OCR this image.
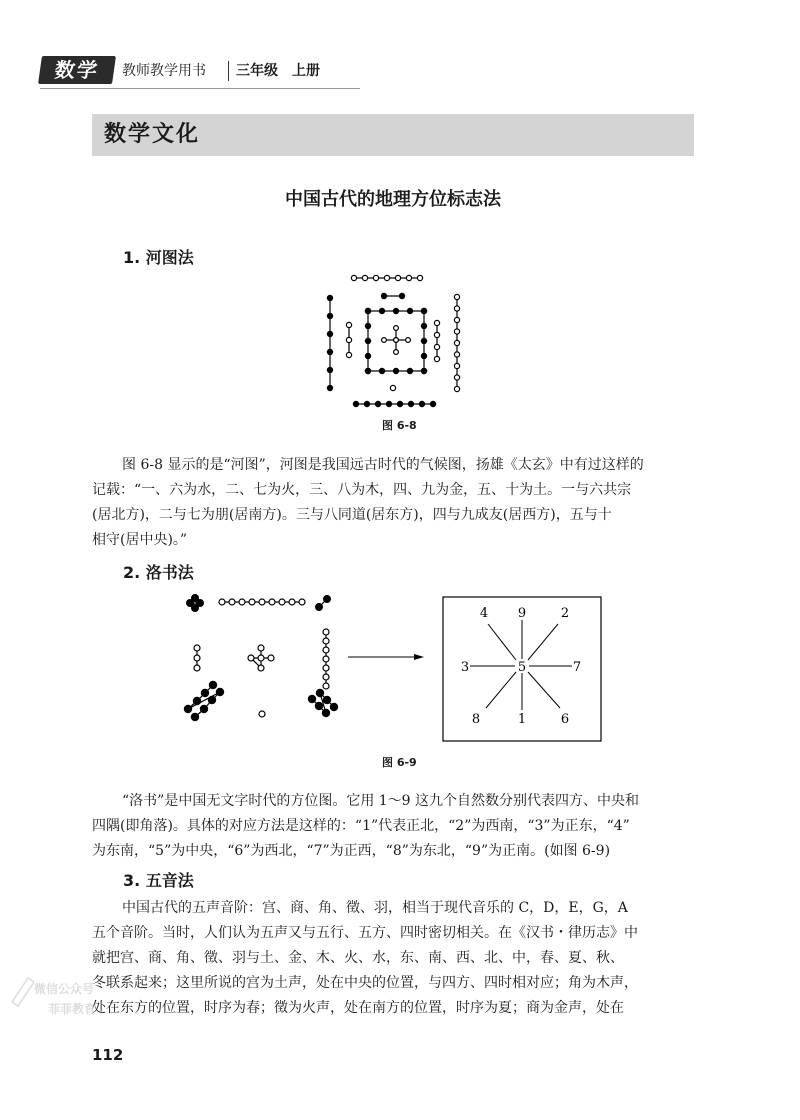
数学	教师教学用书 三年级　上册
数学文化
中国古代的地理方位标志法
1. 河图法
图 6-8

图 6-8 显示的是“河图”，河图是我国远古时代的气候图，扬雄《太玄》中有过这样的

记载：“一、六为水，二、七为火，三、八为木，四、九为金，五、十为土。一与六共宗

(居北方)，二与七为朋(居南方)。三与八同道(居东方)，四与九成友(居西方)，五与十

相守(居中央)。”

2. 洛书法
4 9	2
3	5	7
8	1	6
图 6-9

“洛书”是中国无文字时代的方位图。它用 1～9 这九个自然数分别代表四方、中央和

四隅(即角落)。具体的对应方法是这样的：“1”代表正北，“2”为西南，“3”为正东，“4”

为东南，“5”为中央，“6”为西北，“7”为正西，“8”为东北，“9”为正南。(如图 6-9)

3. 五音法

中国古代的五声音阶：宫、商、角、徵、羽，相当于现代音乐的 C，D，E，G，A

五个音阶。当时，人们认为五声又与五行、五方、四时密切相关。在《汉书・律历志》中

就把宫、商、角、徵、羽与土、金、木、火、水，东、南、西、北、中，春、夏、秋、

冬联系起来；这里所说的宫为土声，处在中央的位置，与四方、四时相对应；角为木声，

处在东方的位置，时序为春；徵为火声，处在南方的位置，时序为夏；商为金声，处在

微信公众号
菲菲教育
112
